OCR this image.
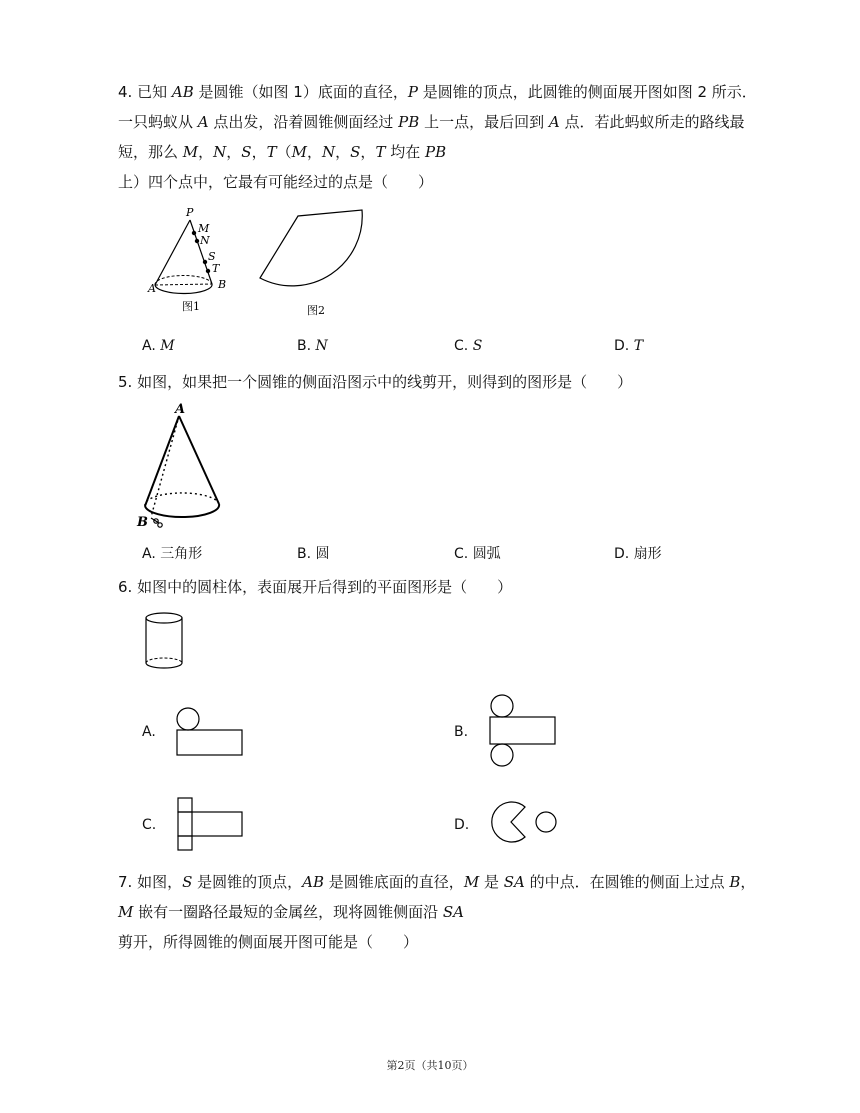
4. 已知 AB 是圆锥（如图 1）底面的直径，P 是圆锥的顶点，此圆锥的侧面展开图如图 2 所示．一只蚂蚁从 A 点出发，沿着圆锥侧面经过 PB 上一点，最后回到 A 点．若此蚂蚁所走的路线最短，那么 M，N，S，T（M，N，S，T 均在 PB 上）四个点中，它最有可能经过的点是（　　）
P
M
N
S
T
A	B
图1	图2
A. M	B. N	C. S	D. T
5. 如图，如果把一个圆锥的侧面沿图示中的线剪开，则得到的图形是（　　）
A
B
A. 三角形	B. 圆	C. 圆弧	D. 扇形
6. 如图中的圆柱体，表面展开后得到的平面图形是（　　）
A.	B.
C.	D.
7. 如图，S 是圆锥的顶点，AB 是圆锥底面的直径，M 是 SA 的中点．在圆锥的侧面上过点 B，M 嵌有一圈路径最短的金属丝，现将圆锥侧面沿 SA 剪开，所得圆锥的侧面展开图可能是（　　）
第2页（共10页）
